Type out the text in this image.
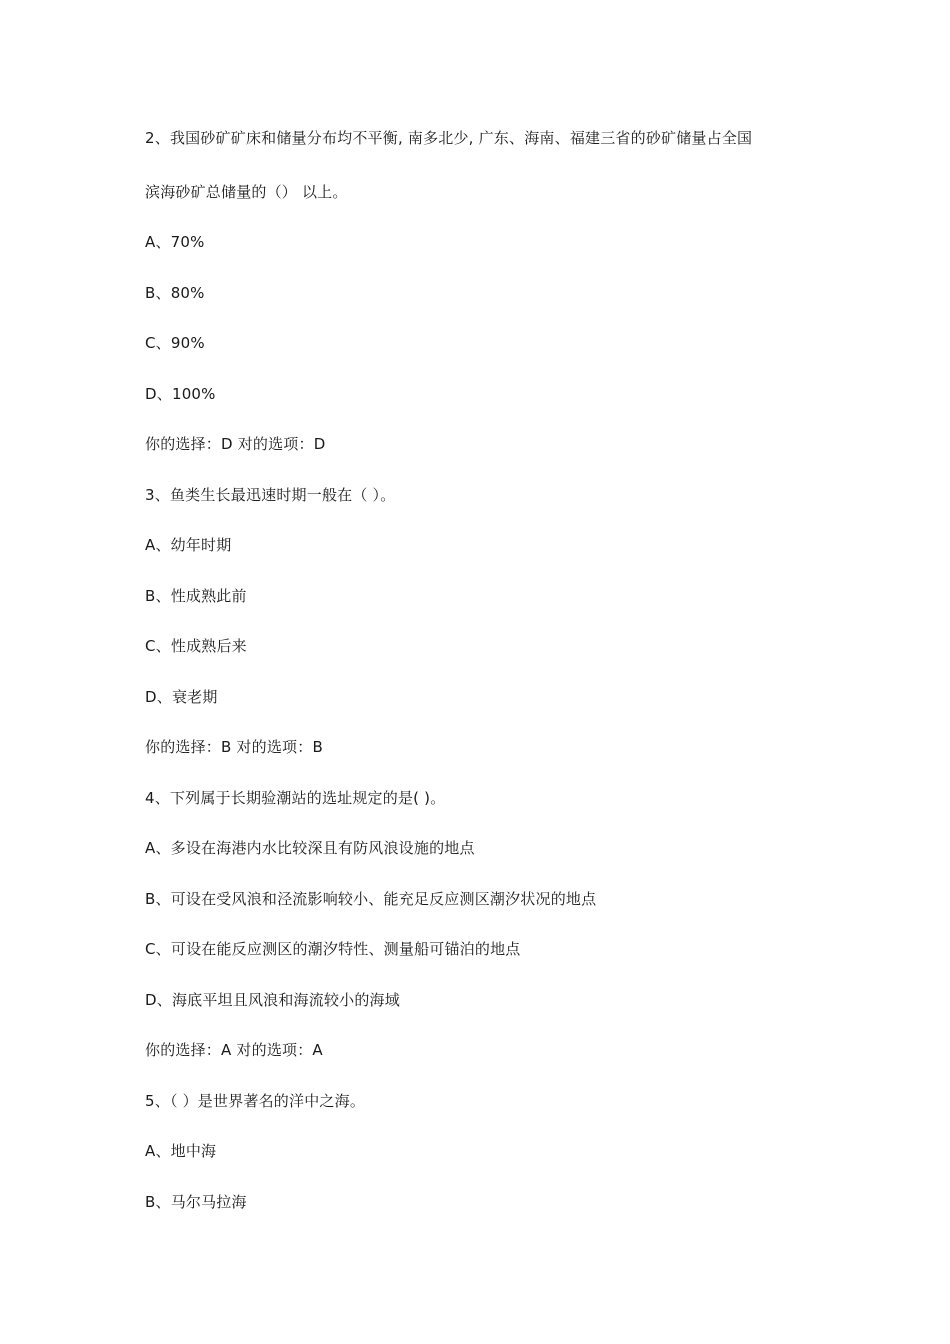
2、我国砂矿矿床和储量分布均不平衡, 南多北少, 广东、海南、福建三省的砂矿储量占全国
滨海砂矿总储量的（） 以上。
A、70%
B、80%
C、90%
D、100%
你的选择：D 对的选项：D
3、鱼类生长最迅速时期一般在（ ）。
A、幼年时期
B、性成熟此前
C、性成熟后来
D、衰老期
你的选择：B 对的选项：B
4、下列属于长期验潮站的选址规定的是( )。
A、多设在海港内水比较深且有防风浪设施的地点
B、可设在受风浪和泾流影响较小、能充足反应测区潮汐状况的地点
C、可设在能反应测区的潮汐特性、测量船可锚泊的地点
D、海底平坦且风浪和海流较小的海域
你的选择：A 对的选项：A
5、（ ）是世界著名的洋中之海。
A、地中海
B、马尔马拉海
